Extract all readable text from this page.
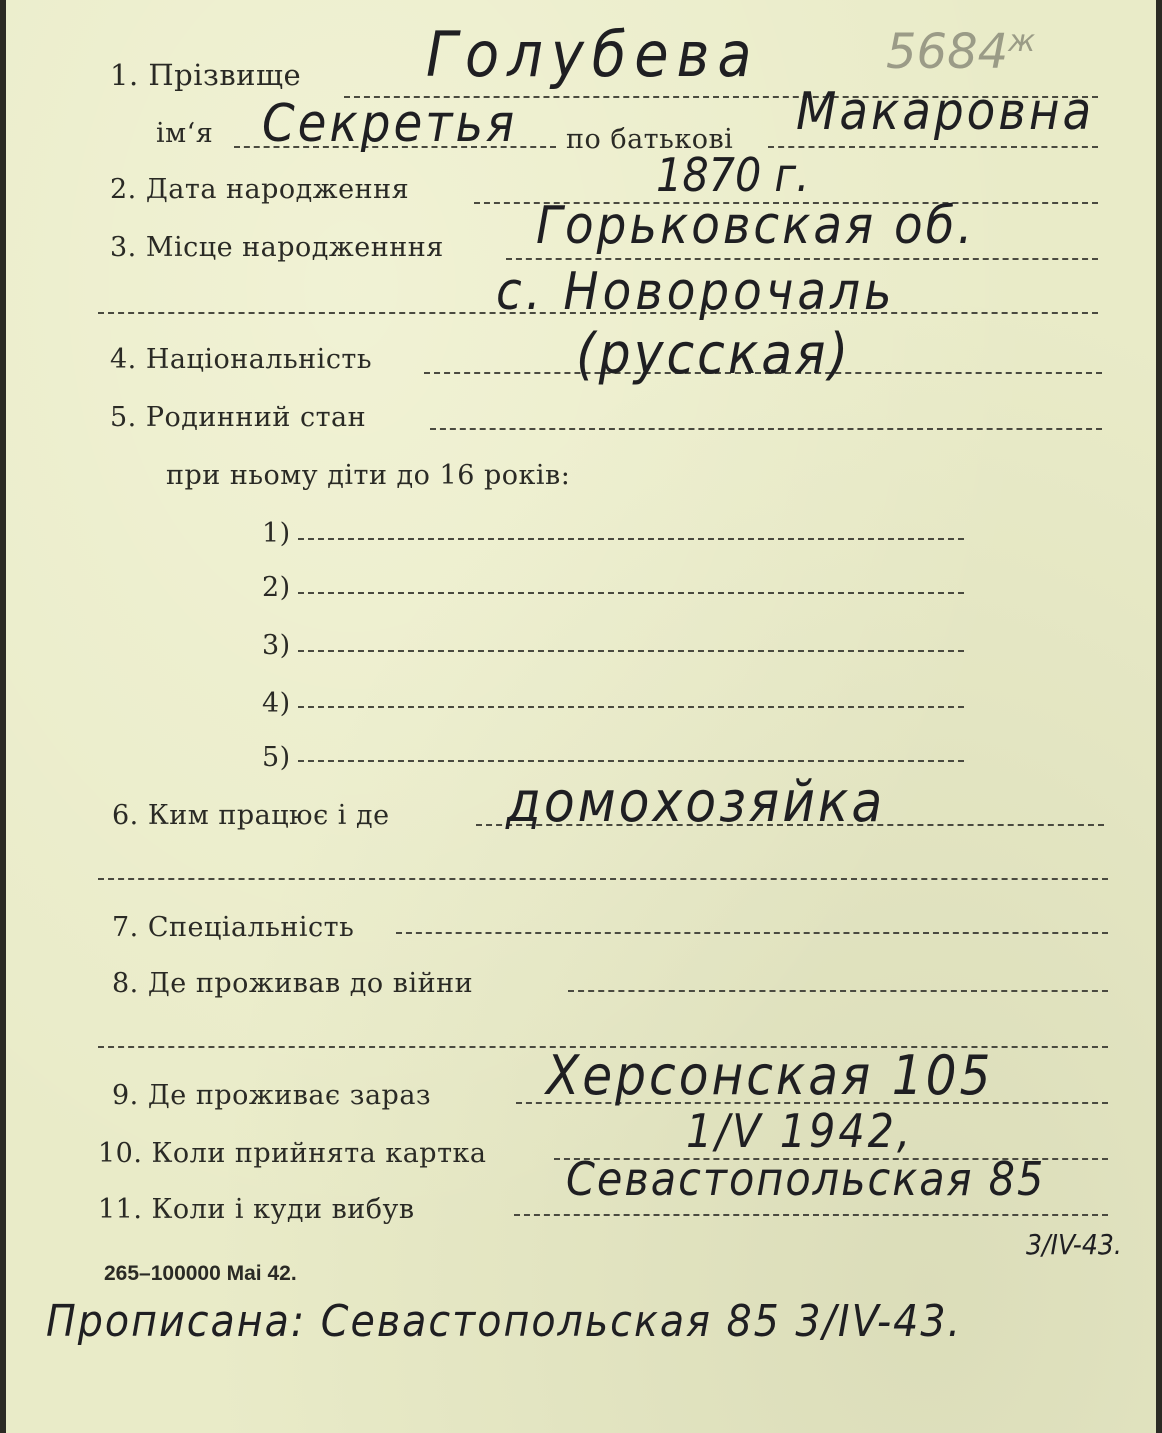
1. Прізвище
ім‘я	по батькові
2. Дата народження
3. Місце народженння
4. Національність
5. Родинний стан
при ньому діти до 16 років:
1)
2)
3)
4)
5)
6. Ким працює і де
7. Спеціальність
8. Де проживав до війни
9. Де проживає зараз
10. Коли прийнята картка
11. Коли і куди вибув
265–100000 Mai 42.
$5684^ж$
Голубева
Секретья	Макаровна
1870 г.
Горьковская об.
с. Новорочаль
(русская)
домохозяйка
Херсонская 105
1/V 1942,
Севастопольская 85
3/IV-43.
Прописана: Севастопольская 85 3/IV-43.
